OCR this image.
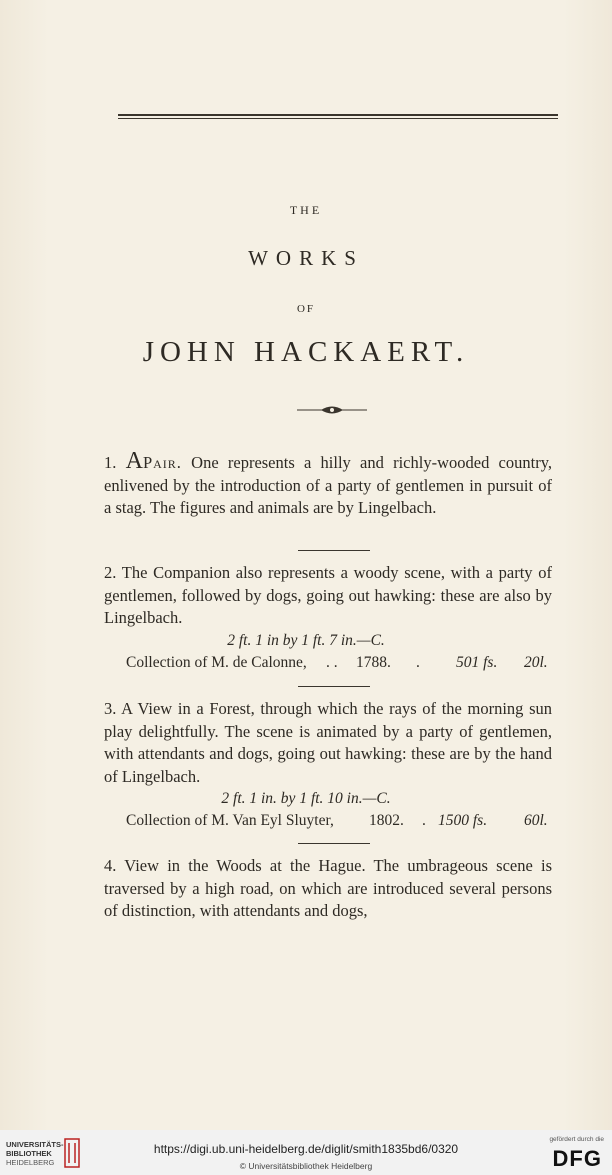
THE
WORKS
OF
JOHN HACKAERT.
1. APair. One represents a hilly and richly-wooded country, enlivened by the introduction of a party of gentlemen in pursuit of a stag. The figures and animals are by Lingelbach.
2. The Companion also represents a woody scene, with a party of gentlemen, followed by dogs, going out hawking: these are also by Lingelbach.
2 ft. 1 in by 1 ft. 7 in.—C.
Collection of M. de Calonne, . . 1788. . 501 fs. 20l.
3. A View in a Forest, through which the rays of the morning sun play delightfully. The scene is animated by a party of gentlemen, with attendants and dogs, going out hawking: these are by the hand of Lingelbach.
2 ft. 1 in. by 1 ft. 10 in.—C.
Collection of M. Van Eyl Sluyter, 1802. . 1500 fs. 60l.
4. View in the Woods at the Hague. The umbrageous scene is traversed by a high road, on which are introduced several persons of distinction, with attendants and dogs,
UNIVERSITÄTS-
BIBLIOTHEK
HEIDELBERG
https://digi.ub.uni-heidelberg.de/diglit/smith1835bd6/0320
© Universitätsbibliothek Heidelberg
gefördert durch die
DFG
